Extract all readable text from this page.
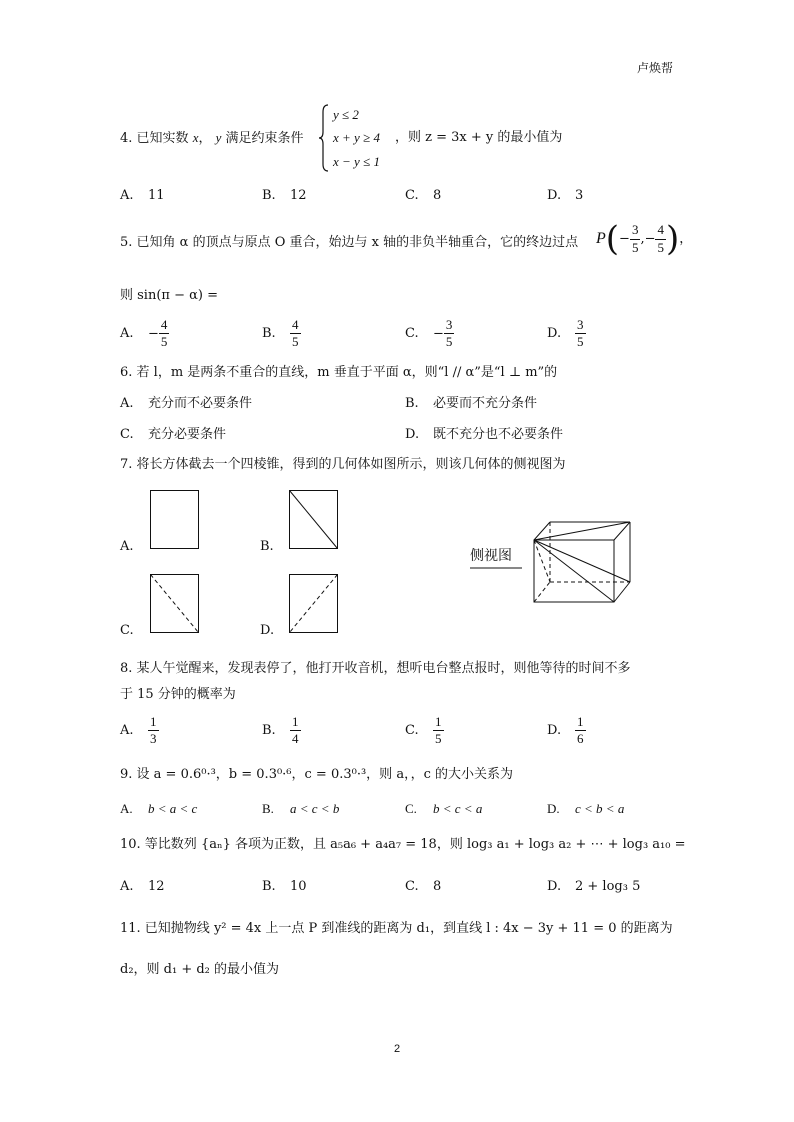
卢焕帮
4. 已知实数 x， y 满足约束条件
y ≤ 2
x + y ≥ 4
x − y ≤ 1
，则 z = 3x + y 的最小值为
A. 11	B. 12	C. 8	D. 3
5. 已知角 α 的顶点与原点 O 重合，始边与 x 轴的非负半轴重合，它的终边过点 $P(- \frac{3}{5}$ ,− $\frac{4}{5}$ )，
则 sin(π − α) =
A. − $\frac{4}{5}$	B. $\frac{4}{5}$	C. − $\frac{3}{5}$	D. $\frac{3}{5}$
6. 若 l，m 是两条不重合的直线，m 垂直于平面 α，则“l // α”是“l ⊥ m”的
A. 充分而不必要条件	B. 必要而不充分条件
C. 充分必要条件	D. 既不充分也不必要条件
7. 将长方体截去一个四棱锥，得到的几何体如图所示，则该几何体的侧视图为
A.	B.
C.	D.
侧视图
8. 某人午觉醒来，发现表停了，他打开收音机，想听电台整点报时，则他等待的时间不多
于 15 分钟的概率为
A. $\frac{1}{3}$	B. $\frac{1}{4}$	C. $\frac{1}{5}$	D. $\frac{1}{6}$
9. 设 a = 0.6⁰·³，b = 0.3⁰·⁶，c = 0.3⁰·³，则 a，，c 的大小关系为
A. b < a < c	B. a < c < b	C. b < c < a	D. c < b < a
10. 等比数列 {aₙ} 各项为正数，且 a₅a₆ + a₄a₇ = 18，则 log₃ a₁ + log₃ a₂ + ⋯ + log₃ a₁₀ =
A. 12	B. 10	C. 8	D. 2 + log₃ 5
11. 已知抛物线 y² = 4x 上一点 P 到准线的距离为 d₁，到直线 l : 4x − 3y + 11 = 0 的距离为
d₂，则 d₁ + d₂ 的最小值为
2
